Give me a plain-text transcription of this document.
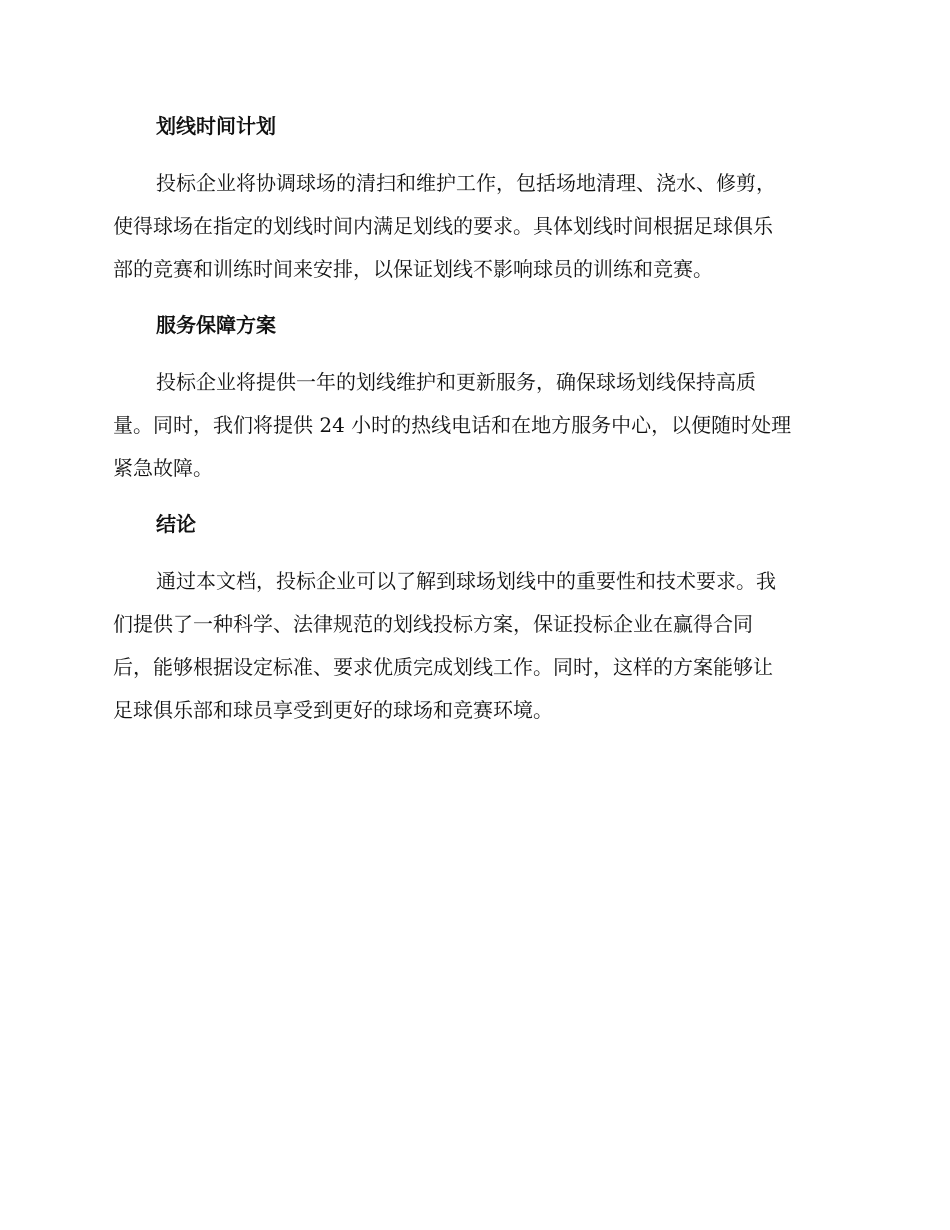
划线时间计划
投标企业将协调球场的清扫和维护工作，包括场地清理、浇水、修剪，
使得球场在指定的划线时间内满足划线的要求。具体划线时间根据足球俱乐
部的竞赛和训练时间来安排，以保证划线不影响球员的训练和竞赛。
服务保障方案
投标企业将提供一年的划线维护和更新服务，确保球场划线保持高质
量。同时，我们将提供 24 小时的热线电话和在地方服务中心，以便随时处理
紧急故障。
结论
通过本文档，投标企业可以了解到球场划线中的重要性和技术要求。我
们提供了一种科学、法律规范的划线投标方案，保证投标企业在赢得合同
后，能够根据设定标准、要求优质完成划线工作。同时，这样的方案能够让
足球俱乐部和球员享受到更好的球场和竞赛环境。
